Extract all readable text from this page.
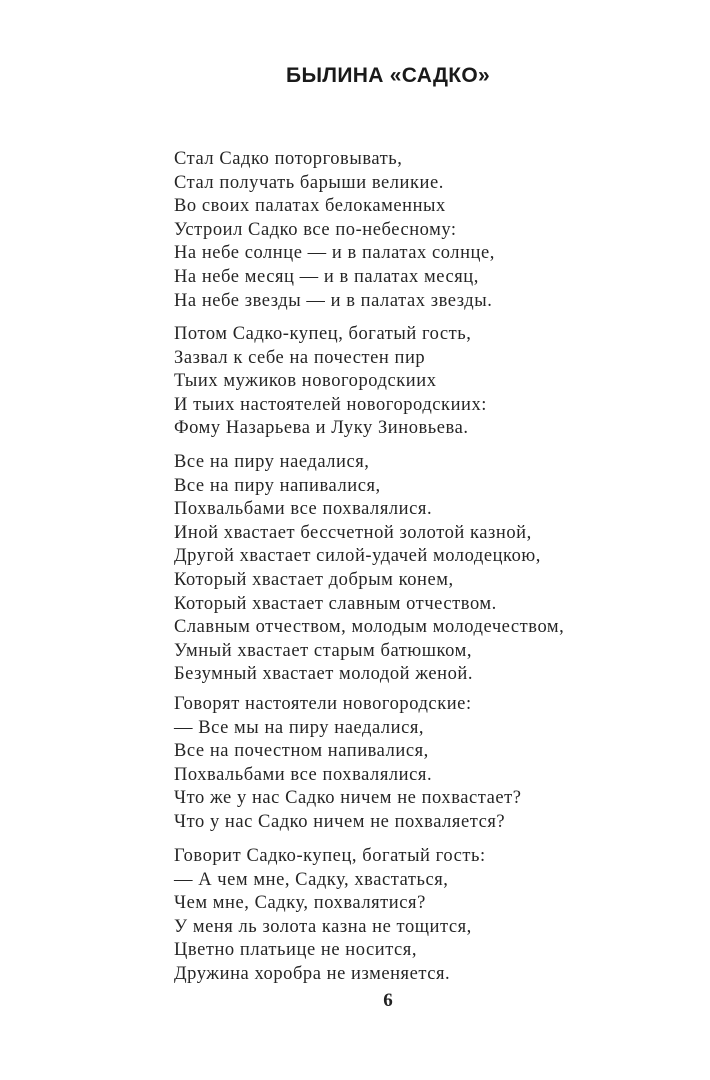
БЫЛИНА «САДКО»
Стал Садко поторговывать,
Стал получать барыши великие.
Во своих палатах белокаменных
Устроил Садко все по-небесному:
На небе солнце — и в палатах солнце,
На небе месяц — и в палатах месяц,
На небе звезды — и в палатах звезды.
Потом Садко-купец, богатый гость,
Зазвал к себе на почестен пир
Тыих мужиков новогородскиих
И тыих настоятелей новогородскиих:
Фому Назарьева и Луку Зиновьева.
Все на пиру наедалися,
Все на пиру напивалися,
Похвальбами все похвалялися.
Иной хвастает бессчетной золотой казной,
Другой хвастает силой-удачей молодецкою,
Который хвастает добрым конем,
Который хвастает славным отчеством.
Славным отчеством, молодым молодечеством,
Умный хвастает старым батюшком,
Безумный хвастает молодой женой.
Говорят настоятели новогородские:
— Все мы на пиру наедалися,
Все на почестном напивалися,
Похвальбами все похвалялися.
Что же у нас Садко ничем не похвастает?
Что у нас Садко ничем не похваляется?
Говорит Садко-купец, богатый гость:
— А чем мне, Садку, хвастаться,
Чем мне, Садку, похвалятися?
У меня ль золота казна не тощится,
Цветно платьице не носится,
Дружина хоробра не изменяется.
6
